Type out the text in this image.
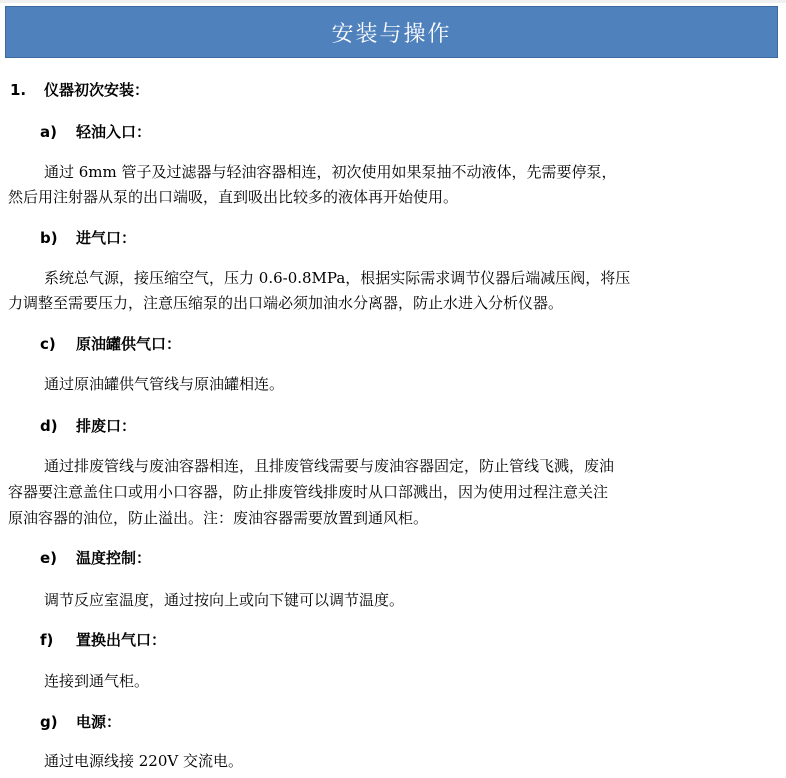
安装与操作
1. 仪器初次安装：
a) 轻油入口：
通过 6mm 管子及过滤器与轻油容器相连，初次使用如果泵抽不动液体，先需要停泵，
然后用注射器从泵的出口端吸，直到吸出比较多的液体再开始使用。
b) 进气口：
系统总气源，接压缩空气，压力 0.6-0.8MPa，根据实际需求调节仪器后端减压阀，将压
力调整至需要压力，注意压缩泵的出口端必须加油水分离器，防止水进入分析仪器。
c) 原油罐供气口：
通过原油罐供气管线与原油罐相连。
d) 排废口：
通过排废管线与废油容器相连，且排废管线需要与废油容器固定，防止管线飞溅，废油
容器要注意盖住口或用小口容器，防止排废管线排废时从口部溅出，因为使用过程注意关注
原油容器的油位，防止溢出。注：废油容器需要放置到通风柜。
e) 温度控制：
调节反应室温度，通过按向上或向下键可以调节温度。
f) 置换出气口：
连接到通气柜。
g) 电源：
通过电源线接 220V 交流电。
